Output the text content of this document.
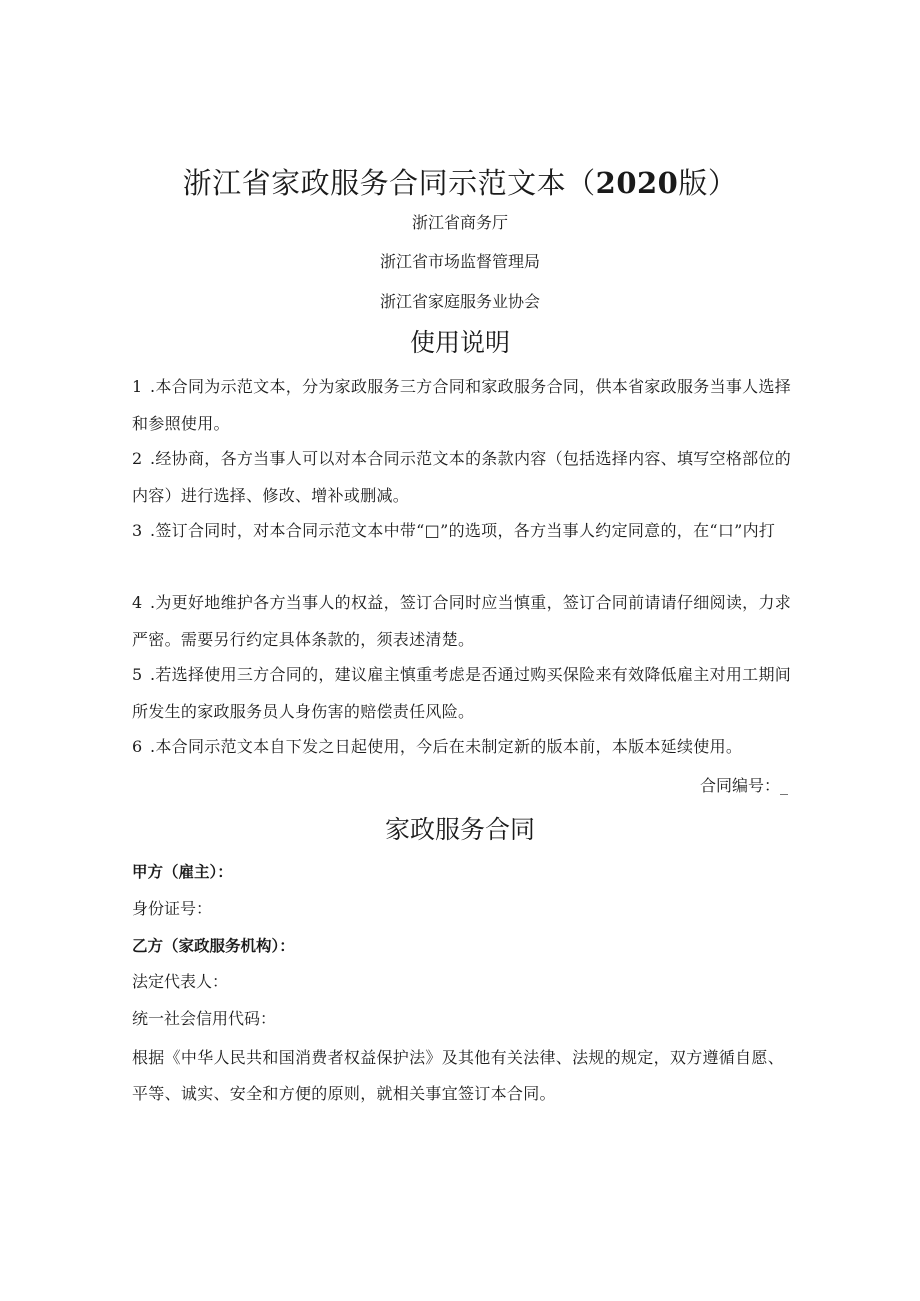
浙江省家政服务合同示范文本（2020版）
浙江省商务厅
浙江省市场监督管理局
浙江省家庭服务业协会
使用说明
1 .本合同为示范文本，分为家政服务三方合同和家政服务合同，供本省家政服务当事人选择和参照使用。
2 .经协商，各方当事人可以对本合同示范文本的条款内容（包括选择内容、填写空格部位的内容）进行选择、修改、增补或删减。
3 .签订合同时，对本合同示范文本中带“□”的选项，各方当事人约定同意的，在“口”内打
4 .为更好地维护各方当事人的权益，签订合同时应当慎重，签订合同前请请仔细阅读，力求严密。需要另行约定具体条款的，须表述清楚。
5 .若选择使用三方合同的，建议雇主慎重考虑是否通过购买保险来有效降低雇主对用工期间所发生的家政服务员人身伤害的赔偿责任风险。
6 .本合同示范文本自下发之日起使用，今后在未制定新的版本前，本版本延续使用。
合同编号：_
家政服务合同
甲方（雇主）：
身份证号：
乙方（家政服务机构）：
法定代表人：
统一社会信用代码：
根据《中华人民共和国消费者权益保护法》及其他有关法律、法规的规定，双方遵循自愿、平等、诚实、安全和方便的原则，就相关事宜签订本合同。
